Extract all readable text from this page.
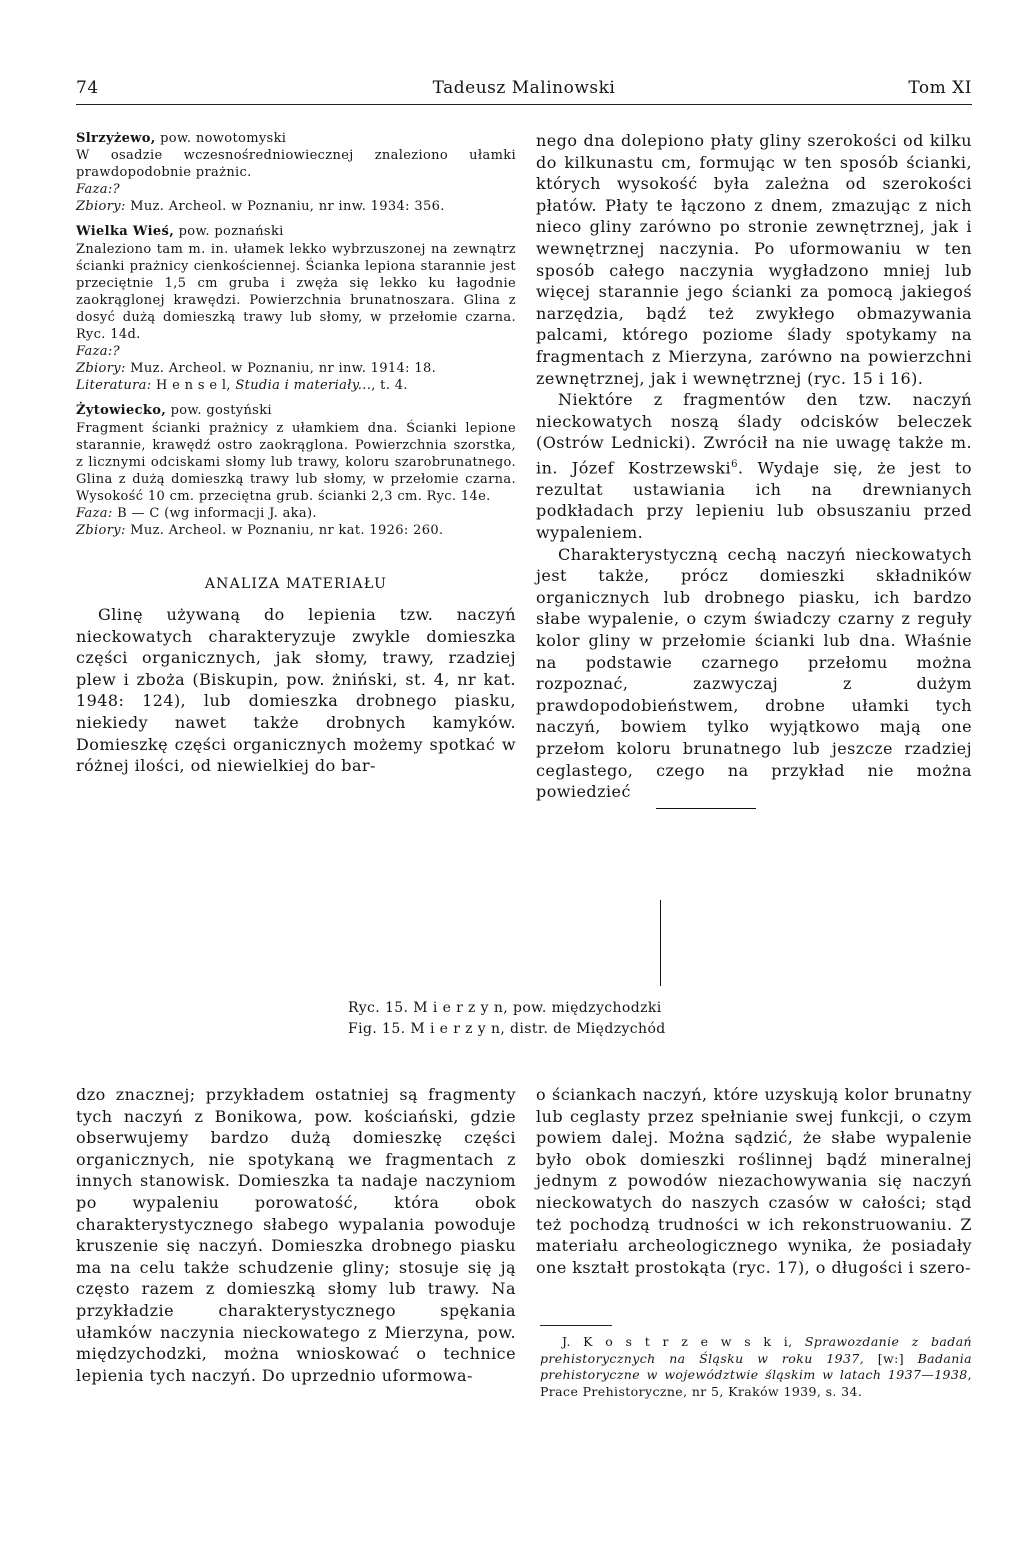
74	Tadeusz Malinowski	Tom XI

Slrzyżewo, pow. nowotomyski

W osadzie wczesnośredniowiecznej znaleziono ułamki prawdopodobnie prażnic.

Faza:?

Zbiory: Muz. Archeol. w Poznaniu, nr inw. 1934: 356.

Wielka Wieś, pow. poznański

Znaleziono tam m. in. ułamek lekko wybrzuszonej na zewnątrz ścianki prażnicy cienkościennej. Ścianka lepiona starannie jest przeciętnie 1,5 cm gruba i zwęża się lekko ku łagodnie zaokrąglonej krawędzi. Powierzchnia brunatnoszara. Glina z dosyć dużą domieszką trawy lub słomy, w przełomie czarna. Ryc. 14d.

Faza:?

Zbiory: Muz. Archeol. w Poznaniu, nr inw. 1914: 18.

Literatura: H e n s e l, Studia i materiały..., t. 4.

Żytowiecko, pow. gostyński

Fragment ścianki prażnicy z ułamkiem dna. Ścianki lepione starannie, krawędź ostro zaokrąglona. Powierzchnia szorstka, z licznymi odciskami słomy lub trawy, koloru szarobrunatnego. Glina z dużą domieszką trawy lub słomy, w przełomie czarna. Wysokość 10 cm. przeciętna grub. ścianki 2,3 cm. Ryc. 14e.

Faza: B — C (wg informacji J. aka).

Zbiory: Muz. Archeol. w Poznaniu, nr kat. 1926: 260.

ANALIZA MATERIAŁU

Glinę używaną do lepienia tzw. naczyń nieckowatych charakteryzuje zwykle domieszka części organicznych, jak słomy, trawy, rzadziej plew i zboża (Biskupin, pow. żniński, st. 4, nr kat. 1948: 124), lub domieszka drobnego piasku, niekiedy nawet także drobnych kamyków. Domieszkę części organicznych możemy spotkać w różnej ilości, od niewielkiej do bar-

nego dna dolepiono płaty gliny szerokości od kilku do kilkunastu cm, formując w ten sposób ścianki, których wysokość była zależna od szerokości płatów. Płaty te łączono z dnem, zmazując z nich nieco gliny zarówno po stronie zewnętrznej, jak i wewnętrznej naczynia. Po uformowaniu w ten sposób całego naczynia wygładzono mniej lub więcej starannie jego ścianki za pomocą jakiegoś narzędzia, bądź też zwykłego obmazywania palcami, którego poziome ślady spotykamy na fragmentach z Mierzyna, zarówno na powierzchni zewnętrznej, jak i wewnętrznej (ryc. 15 i 16).

Niektóre z fragmentów den tzw. naczyń nieckowatych noszą ślady odcisków beleczek (Ostrów Lednicki). Zwrócił na nie uwagę także m. in. Józef Kostrzewski$^6$. Wydaje się, że jest to rezultat ustawiania ich na drewnianych podkładach przy lepieniu lub obsuszaniu przed wypaleniem.

Charakterystyczną cechą naczyń nieckowatych jest także, prócz domieszki składników organicznych lub drobnego piasku, ich bardzo słabe wypalenie, o czym świadczy czarny z reguły kolor gliny w przełomie ścianki lub dna. Właśnie na podstawie czarnego przełomu można rozpoznać, zazwyczaj z dużym prawdopodobieństwem, drobne ułamki tych naczyń, bowiem tylko wyjątkowo mają one przełom koloru brunatnego lub jeszcze rzadziej ceglastego, czego na przykład nie można powiedzieć

Ryc. 15. M i e r z y n, pow. międzychodzki
Fig. 15. M i e r z y n, distr. de Międzychód

dzo znacznej; przykładem ostatniej są fragmenty tych naczyń z Bonikowa, pow. kościański, gdzie obserwujemy bardzo dużą domieszkę części organicznych, nie spotykaną we fragmentach z innych stanowisk. Domieszka ta nadaje naczyniom po wypaleniu porowatość, która obok charakterystycznego słabego wypalania powoduje kruszenie się naczyń. Domieszka drobnego piasku ma na celu także schudzenie gliny; stosuje się ją często razem z domieszką słomy lub trawy. Na przykładzie charakterystycznego spękania ułamków naczynia nieckowatego z Mierzyna, pow. międzychodzki, można wnioskować o technice lepienia tych naczyń. Do uprzednio uformowa-

o ściankach naczyń, które uzyskują kolor brunatny lub ceglasty przez spełnianie swej funkcji, o czym powiem dalej. Można sądzić, że słabe wypalenie było obok domieszki roślinnej bądź mineralnej jednym z powodów niezachowywania się naczyń nieckowatych do naszych czasów w całości; stąd też pochodzą trudności w ich rekonstruowaniu. Z materiału archeologicznego wynika, że posiadały one kształt prostokąta (ryc. 17), o długości i szero-

J. K o s t r z e w s k i, Sprawozdanie z badań prehistorycznych na Śląsku w roku 1937, [w:] Badania prehistoryczne w województwie śląskim w latach 1937—1938, Prace Prehistoryczne, nr 5, Kraków 1939, s. 34.
